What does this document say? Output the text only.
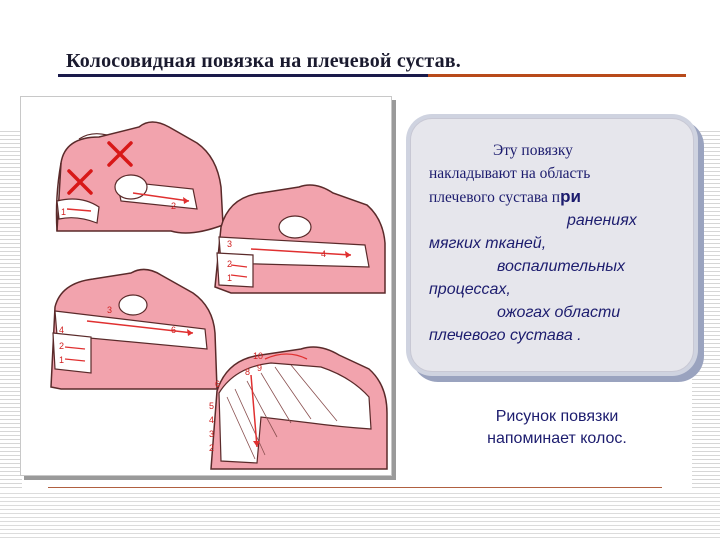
Колосовидная повязка на плечевой сустав.
1
2
3
2
1
4
4
2
1
6
3
10
8 9
6
5
4
3
2
Эту повязку
накладывают на область
плечевого сустава при
ранениях
мягких тканей,
воспалительных
процессах,
ожогах области
плечевого сустава .
Рисунок повязки
напоминает колос.
